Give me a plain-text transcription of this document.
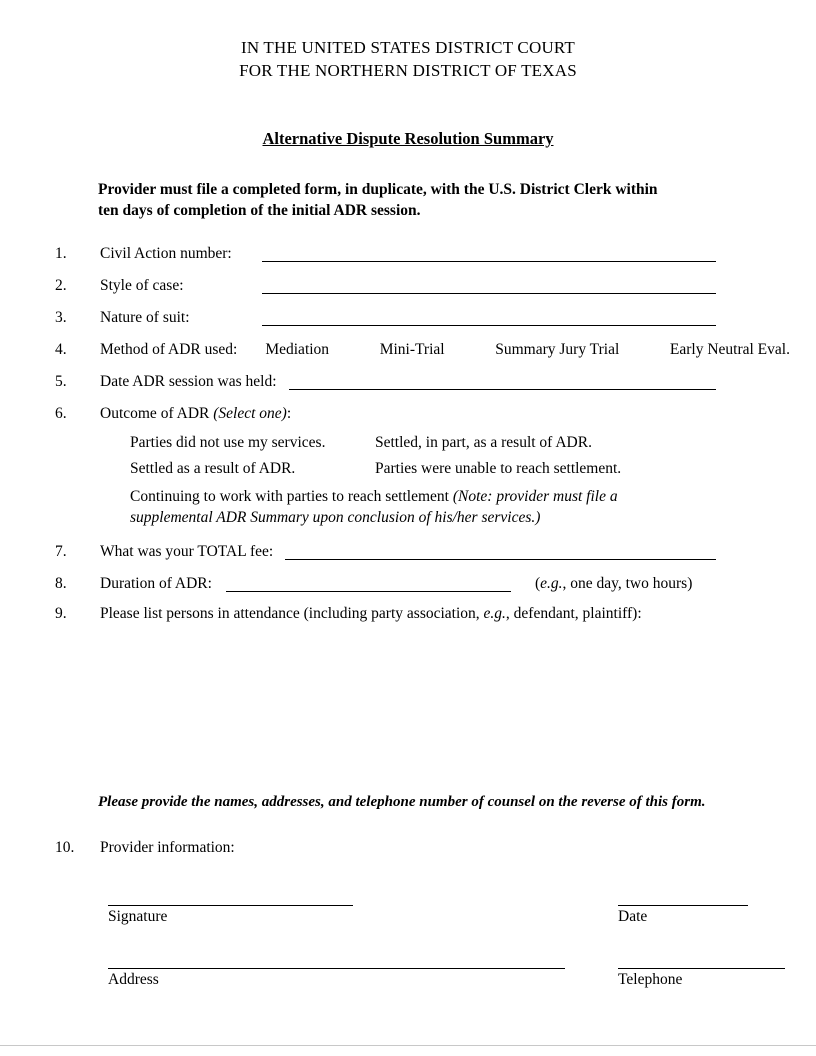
IN THE UNITED STATES DISTRICT COURT
FOR THE NORTHERN DISTRICT OF TEXAS
Alternative Dispute Resolution Summary

Provider must file a completed form, in duplicate, with the U.S. District Clerk within ten days of completion of the initial ADR session.

1.	Civil Action number:
2.	Style of case:
3.	Nature of suit:
4.	Method of ADR used: Mediation	Mini-Trial	Summary Jury Trial	Early Neutral Eval.
5.	Date ADR session was held:
6.	Outcome of ADR (Select one):
Parties did not use my services.	Settled, in part, as a result of ADR.
Settled as a result of ADR.	Parties were unable to reach settlement.

Continuing to work with parties to reach settlement (Note: provider must file a supplemental ADR Summary upon conclusion of his/her services.)

7.	What was your TOTAL fee:
8.	Duration of ADR:	(e.g., one day, two hours)
9.	Please list persons in attendance (including party association, e.g., defendant, plaintiff):

Please provide the names, addresses, and telephone number of counsel on the reverse of this form.

10.	Provider information:
Signature	Date
Address	Telephone
